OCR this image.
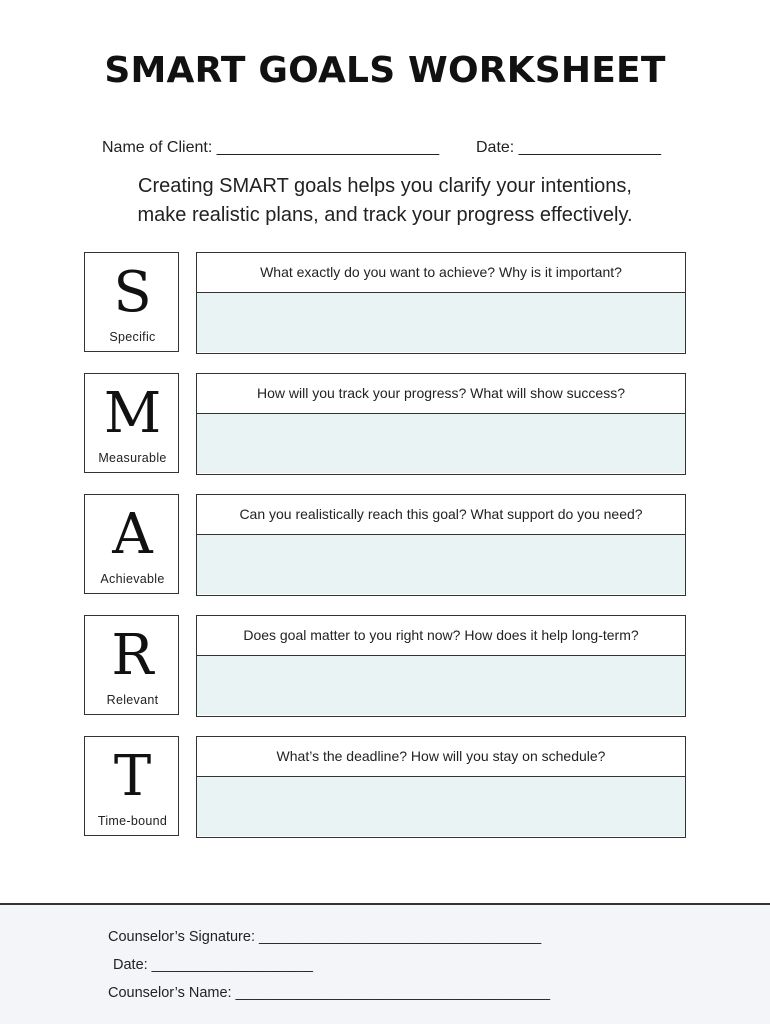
SMART GOALS WORKSHEET
Name of Client: _________________________ Date: ________________
Creating SMART goals helps you clarify your intentions,
make realistic plans, and track your progress effectively.
S
Specific
What exactly do you want to achieve? Why is it important?
M
Measurable
How will you track your progress? What will show success?
A
Achievable
Can you realistically reach this goal? What support do you need?
R
Relevant
Does goal matter to you right now? How does it help long-term?
T
Time-bound
What’s the deadline? How will you stay on schedule?
Counselor’s Signature: ___________________________________
Date: ____________________
Counselor’s Name: _______________________________________
